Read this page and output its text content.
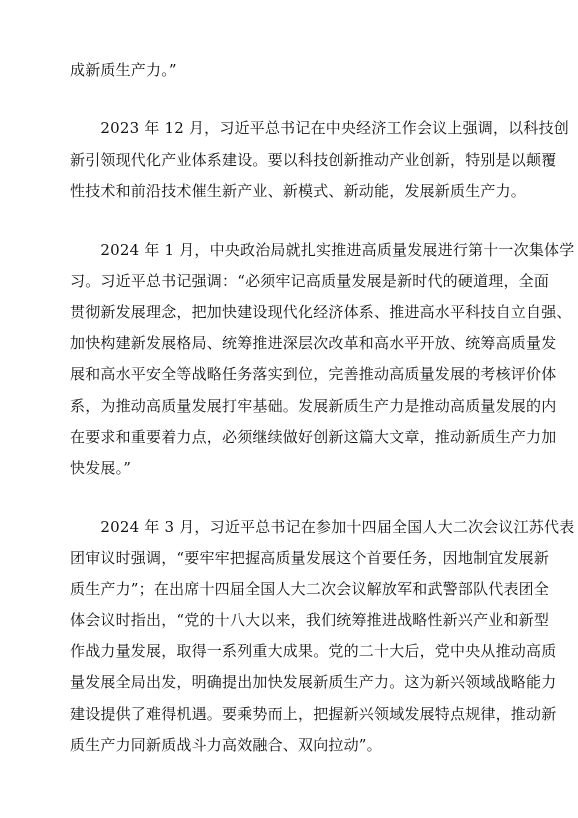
成新质生产力。”
　　2023 年 12 月，习近平总书记在中央经济工作会议上强调，以科技创
新引领现代化产业体系建设。要以科技创新推动产业创新，特别是以颠覆
性技术和前沿技术催生新产业、新模式、新动能，发展新质生产力。
　　2024 年 1 月，中央政治局就扎实推进高质量发展进行第十一次集体学
习。习近平总书记强调：“必须牢记高质量发展是新时代的硬道理，全面
贯彻新发展理念，把加快建设现代化经济体系、推进高水平科技自立自强、
加快构建新发展格局、统筹推进深层次改革和高水平开放、统筹高质量发
展和高水平安全等战略任务落实到位，完善推动高质量发展的考核评价体
系，为推动高质量发展打牢基础。发展新质生产力是推动高质量发展的内
在要求和重要着力点，必须继续做好创新这篇大文章，推动新质生产力加
快发展。”
　　2024 年 3 月，习近平总书记在参加十四届全国人大二次会议江苏代表
团审议时强调，“要牢牢把握高质量发展这个首要任务，因地制宜发展新
质生产力”；在出席十四届全国人大二次会议解放军和武警部队代表团全
体会议时指出，“党的十八大以来，我们统筹推进战略性新兴产业和新型
作战力量发展，取得一系列重大成果。党的二十大后，党中央从推动高质
量发展全局出发，明确提出加快发展新质生产力。这为新兴领域战略能力
建设提供了难得机遇。要乘势而上，把握新兴领域发展特点规律，推动新
质生产力同新质战斗力高效融合、双向拉动”。
